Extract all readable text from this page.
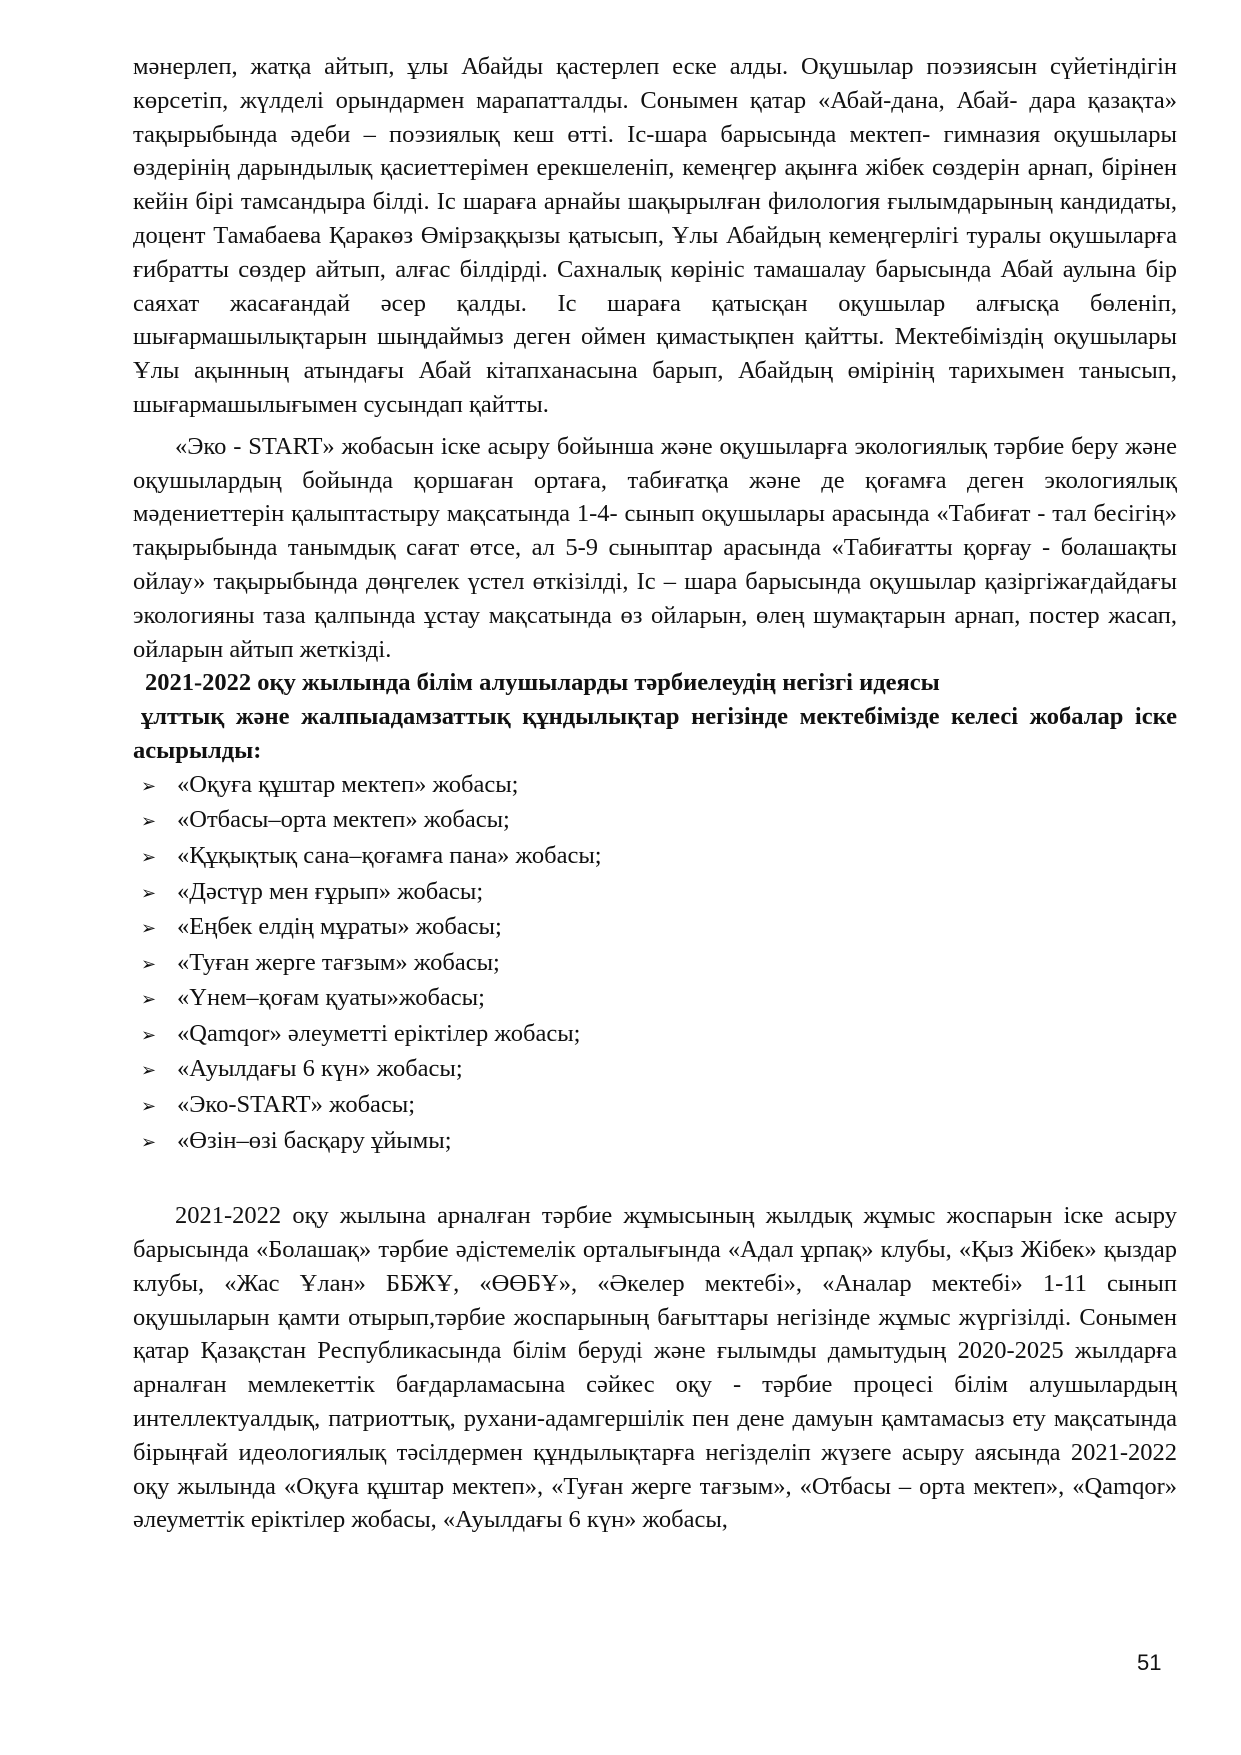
мәнерлеп, жатқа айтып, ұлы Абайды қастерлеп еске алды. Оқушылар поэзиясын сүйетіндігін көрсетіп, жүлделі орындармен марапатталды. Сонымен қатар «Абай-дана, Абай- дара қазақта» тақырыбында әдеби – поэзиялық кеш өтті. Іс-шара барысында мектеп- гимназия оқушылары өздерінің дарындылық қасиеттерімен ерекшеленіп, кемеңгер ақынға жібек сөздерін арнап, бірінен кейін бірі тамсандыра білді. Іс шараға арнайы шақырылған филология ғылымдарының кандидаты, доцент Тамабаева Қаракөз Өмірзаққызы қатысып, Ұлы Абайдың кемеңгерлігі туралы оқушыларға ғибратты сөздер айтып, алғас білдірді. Сахналық көрініс тамашалау барысында Абай аулына бір саяхат жасағандай әсер қалды. Іс шараға қатысқан оқушылар алғысқа бөленіп, шығармашылықтарын шыңдаймыз деген оймен қимастықпен қайтты. Мектебіміздің оқушылары Ұлы ақынның атындағы Абай кітапханасына барып, Абайдың өмірінің тарихымен танысып, шығармашылығымен сусындап қайтты.

«Эко - START» жобасын іске асыру бойынша және оқушыларға экологиялық тәрбие беру және оқушылардың бойында қоршаған ортаға, табиғатқа және де қоғамға деген экологиялық мәдениеттерін қалыптастыру мақсатында 1-4- сынып оқушылары арасында «Табиғат - тал бесігің» тақырыбында танымдық сағат өтсе, ал 5-9 сыныптар арасында «Табиғатты қорғау - болашақты ойлау» тақырыбында дөңгелек үстел өткізілді, Іс – шара барысында оқушылар қазіргіжағдайдағы экологияны таза қалпында ұстау мақсатында өз ойларын, өлең шумақтарын арнап, постер жасап, ойларын айтып жеткізді.

2021-2022 оқу жылында білім алушыларды тәрбиелеудің негізгі идеясы

ұлттық және жалпыадамзаттық құндылықтар негізінде мектебімізде келесі жобалар іске асырылды:

➢ «Оқуға құштар мектеп» жобасы;
➢ «Отбасы–орта мектеп» жобасы;
➢ «Құқықтық сана–қоғамға пана» жобасы;
➢ «Дәстүр мен ғұрып» жобасы;
➢ «Еңбек елдің мұраты» жобасы;
➢ «Туған жерге тағзым» жобасы;
➢ «Үнем–қоғам қуаты»жобасы;
➢ «Qamqor» әлеуметті еріктілер жобасы;
➢ «Ауылдағы 6 күн» жобасы;
➢ «Эко-START» жобасы;
➢ «Өзін–өзі басқару ұйымы;

2021-2022 оқу жылына арналған тәрбие жұмысының жылдық жұмыс жоспарын іске асыру барысында «Болашақ» тәрбие әдістемелік орталығында «Адал ұрпақ» клубы, «Қыз Жібек» қыздар клубы, «Жас Ұлан» ББЖҰ, «ӨӨБҰ», «Әкелер мектебі», «Аналар мектебі» 1-11 сынып оқушыларын қамти отырып,тәрбие жоспарының бағыттары негізінде жұмыс жүргізілді. Сонымен қатар Қазақстан Республикасында білім беруді және ғылымды дамытудың 2020-2025 жылдарға арналған мемлекеттік бағдарламасына сәйкес оқу - тәрбие процесі білім алушылардың интеллектуалдық, патриоттық, рухани-адамгершілік пен дене дамуын қамтамасыз ету мақсатында бірыңғай идеологиялық тәсілдермен құндылықтарға негізделіп жүзеге асыру аясында 2021-2022 оқу жылында «Оқуға құштар мектеп», «Туған жерге тағзым», «Отбасы – орта мектеп», «Qamqor» әлеуметтік еріктілер жобасы, «Ауылдағы 6 күн» жобасы,

51
